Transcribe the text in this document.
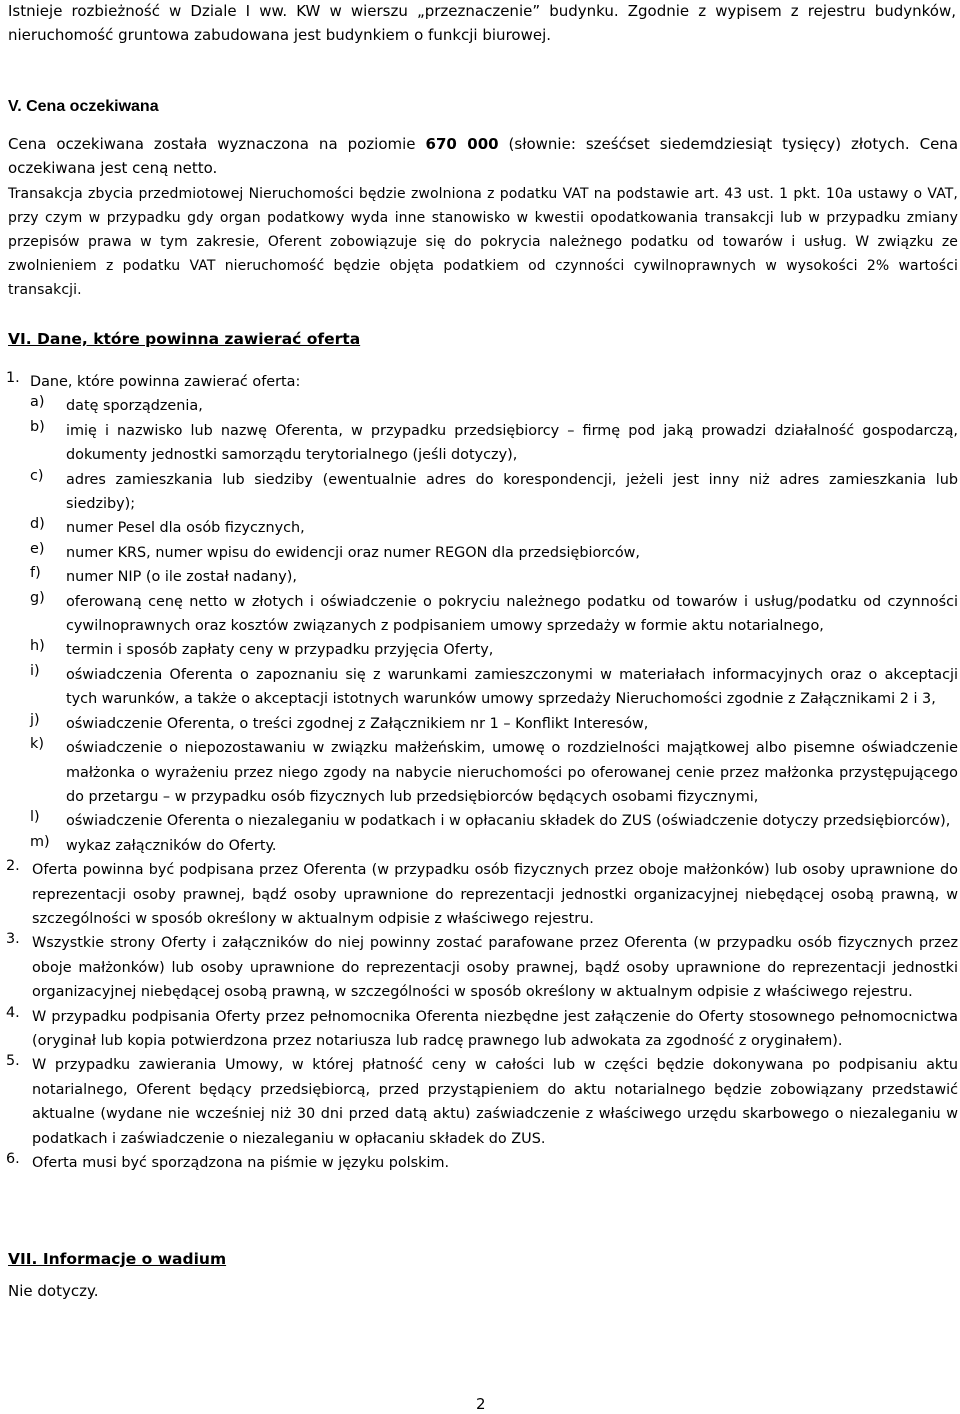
Istnieje rozbieżność w Dziale I ww. KW w wierszu „przeznaczenie” budynku. Zgodnie z wypisem z rejestru budynków, nieruchomość gruntowa zabudowana jest budynkiem o funkcji biurowej.

V. Cena oczekiwana

Cena oczekiwana została wyznaczona na poziomie 670 000 (słownie: sześćset siedemdziesiąt tysięcy) złotych. Cena oczekiwana jest ceną netto.

Transakcja zbycia przedmiotowej Nieruchomości będzie zwolniona z podatku VAT na podstawie art. 43 ust. 1 pkt. 10a ustawy o VAT, przy czym w przypadku gdy organ podatkowy wyda inne stanowisko w kwestii opodatkowania transakcji lub w przypadku zmiany przepisów prawa w tym zakresie, Oferent zobowiązuje się do pokrycia należnego podatku od towarów i usług. W związku ze zwolnieniem z podatku VAT nieruchomość będzie objęta podatkiem od czynności cywilnoprawnych w wysokości 2% wartości transakcji.

VI. Dane, które powinna zawierać oferta
1. Dane, które powinna zawierać oferta:
a)	datę sporządzenia,
b)	imię i nazwisko lub nazwę Oferenta, w przypadku przedsiębiorcy – firmę pod jaką prowadzi działalność gospodarczą, dokumenty jednostki samorządu terytorialnego (jeśli dotyczy),
c)	adres zamieszkania lub siedziby (ewentualnie adres do korespondencji, jeżeli jest inny niż adres zamieszkania lub siedziby);
d)	numer Pesel dla osób fizycznych,
e)	numer KRS, numer wpisu do ewidencji oraz numer REGON dla przedsiębiorców,
f)	numer NIP (o ile został nadany),
g)	oferowaną cenę netto w złotych i oświadczenie o pokryciu należnego podatku od towarów i usług/podatku od czynności cywilnoprawnych oraz kosztów związanych z podpisaniem umowy sprzedaży w formie aktu notarialnego,
h)	termin i sposób zapłaty ceny w przypadku przyjęcia Oferty,
i)	oświadczenia Oferenta o zapoznaniu się z warunkami zamieszczonymi w materiałach informacyjnych oraz o akceptacji tych warunków, a także o akceptacji istotnych warunków umowy sprzedaży Nieruchomości zgodnie z Załącznikami 2 i 3,
j)	oświadczenie Oferenta, o treści zgodnej z Załącznikiem nr 1 – Konflikt Interesów,
k)	oświadczenie o niepozostawaniu w związku małżeńskim, umowę o rozdzielności majątkowej albo pisemne oświadczenie małżonka o wyrażeniu przez niego zgody na nabycie nieruchomości po oferowanej cenie przez małżonka przystępującego do przetargu – w przypadku osób fizycznych lub przedsiębiorców będących osobami fizycznymi,
l)	oświadczenie Oferenta o niezaleganiu w podatkach i w opłacaniu składek do ZUS (oświadczenie dotyczy przedsiębiorców),
m)	wykaz załączników do Oferty.
2. Oferta powinna być podpisana przez Oferenta (w przypadku osób fizycznych przez oboje małżonków) lub osoby uprawnione do reprezentacji osoby prawnej, bądź osoby uprawnione do reprezentacji jednostki organizacyjnej niebędącej osobą prawną, w szczególności w sposób określony w aktualnym odpisie z właściwego rejestru.
3. Wszystkie strony Oferty i załączników do niej powinny zostać parafowane przez Oferenta (w przypadku osób fizycznych przez oboje małżonków) lub osoby uprawnione do reprezentacji osoby prawnej, bądź osoby uprawnione do reprezentacji jednostki organizacyjnej niebędącej osobą prawną, w szczególności w sposób określony w aktualnym odpisie z właściwego rejestru.
4. W przypadku podpisania Oferty przez pełnomocnika Oferenta niezbędne jest załączenie do Oferty stosownego pełnomocnictwa (oryginał lub kopia potwierdzona przez notariusza lub radcę prawnego lub adwokata za zgodność z oryginałem).
5. W przypadku zawierania Umowy, w której płatność ceny w całości lub w części będzie dokonywana po podpisaniu aktu notarialnego, Oferent będący przedsiębiorcą, przed przystąpieniem do aktu notarialnego będzie zobowiązany przedstawić aktualne (wydane nie wcześniej niż 30 dni przed datą aktu) zaświadczenie z właściwego urzędu skarbowego o niezaleganiu w podatkach i zaświadczenie o niezaleganiu w opłacaniu składek do ZUS.
6. Oferta musi być sporządzona na piśmie w języku polskim.
VII. Informacje o wadium
Nie dotyczy.
2
